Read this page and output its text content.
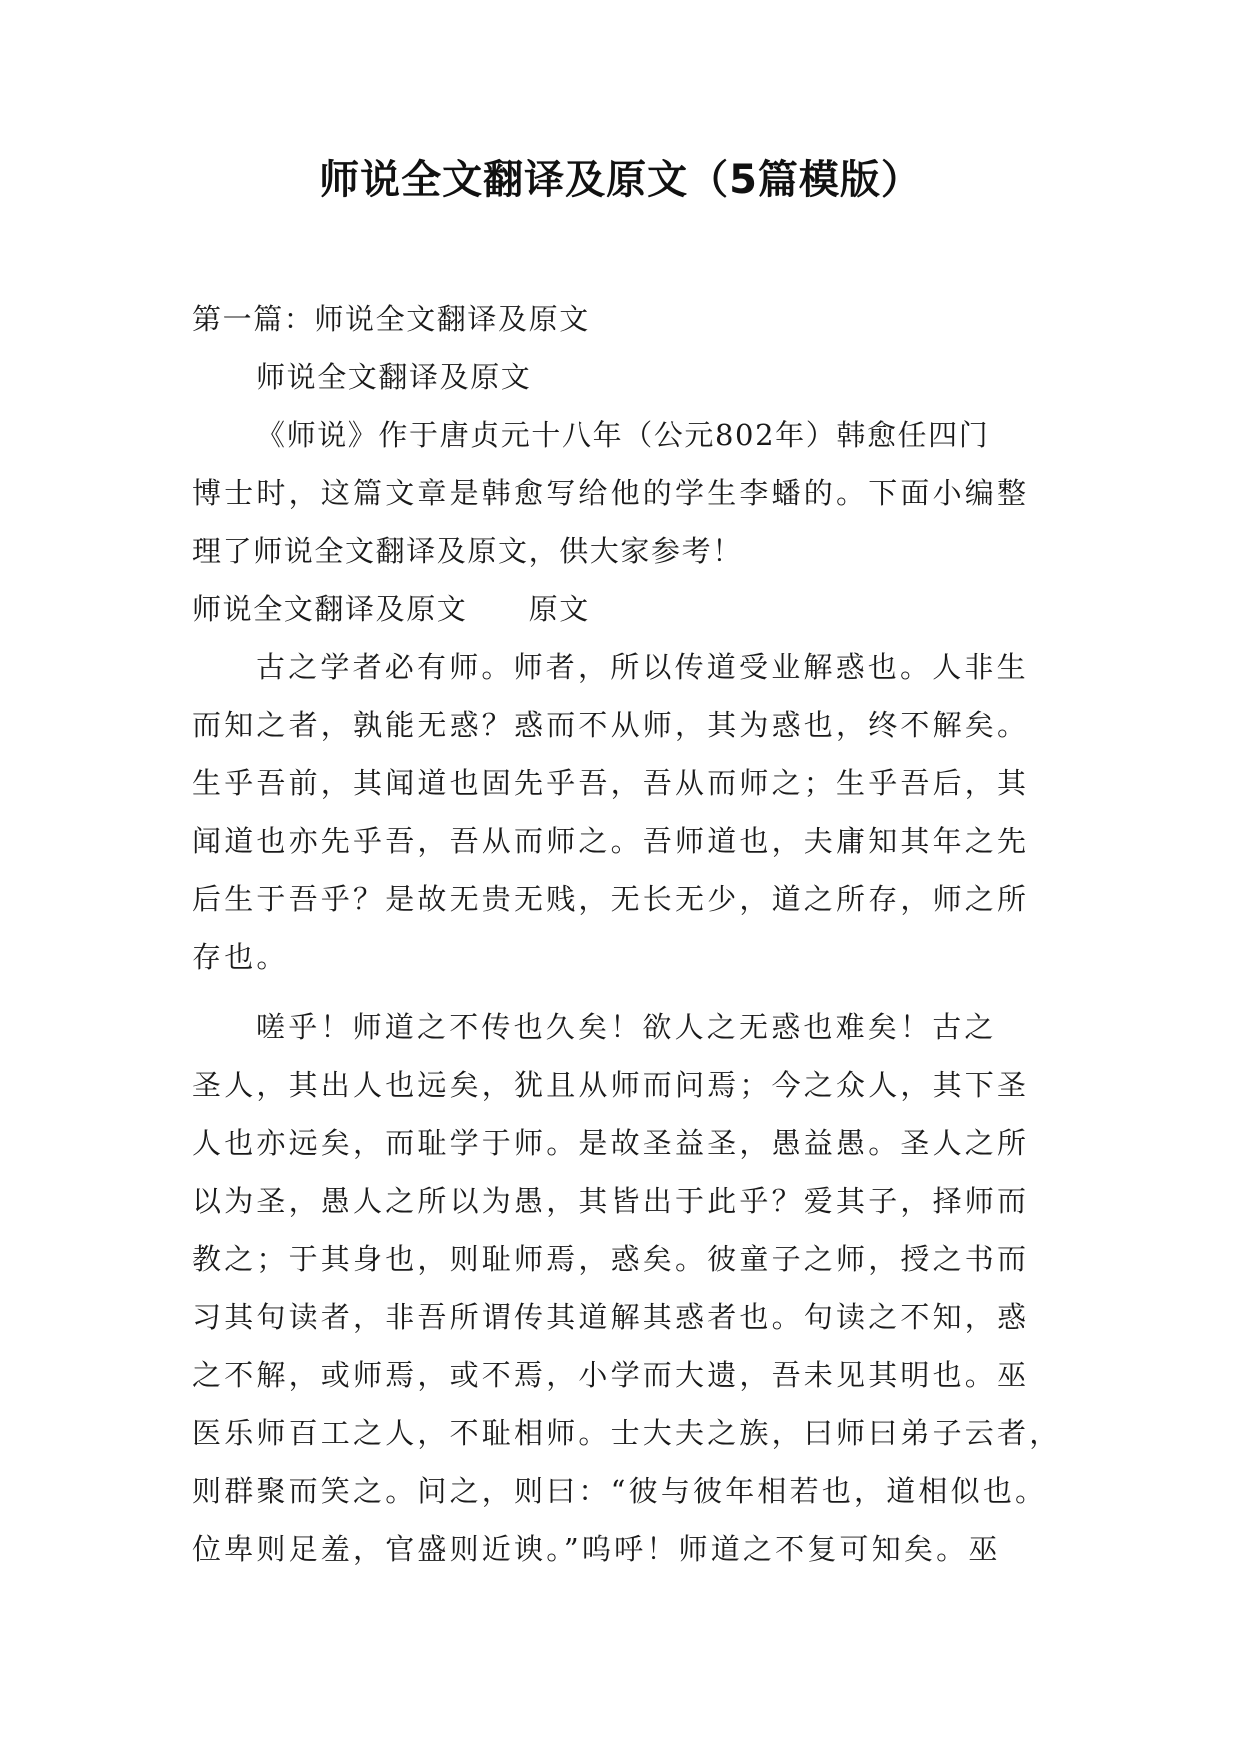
师说全文翻译及原文（5篇模版）
第一篇：师说全文翻译及原文
师说全文翻译及原文
《师说》作于唐贞元十八年（公元802年）韩愈任四门
博士时，这篇文章是韩愈写给他的学生李蟠的。下面小编整
理了师说全文翻译及原文，供大家参考！
师说全文翻译及原文　　原文
古之学者必有师。师者，所以传道受业解惑也。人非生
而知之者，孰能无惑？惑而不从师，其为惑也，终不解矣。
生乎吾前，其闻道也固先乎吾，吾从而师之；生乎吾后，其
闻道也亦先乎吾，吾从而师之。吾师道也，夫庸知其年之先
后生于吾乎？是故无贵无贱，无长无少，道之所存，师之所
存也。
嗟乎！师道之不传也久矣！欲人之无惑也难矣！古之
圣人，其出人也远矣，犹且从师而问焉；今之众人，其下圣
人也亦远矣，而耻学于师。是故圣益圣，愚益愚。圣人之所
以为圣，愚人之所以为愚，其皆出于此乎？爱其子，择师而
教之；于其身也，则耻师焉，惑矣。彼童子之师，授之书而
习其句读者，非吾所谓传其道解其惑者也。句读之不知，惑
之不解，或师焉，或不焉，小学而大遗，吾未见其明也。巫
医乐师百工之人，不耻相师。士大夫之族，曰师曰弟子云者，
则群聚而笑之。问之，则曰：“彼与彼年相若也，道相似也。
位卑则足羞，官盛则近谀。”呜呼！师道之不复可知矣。巫
